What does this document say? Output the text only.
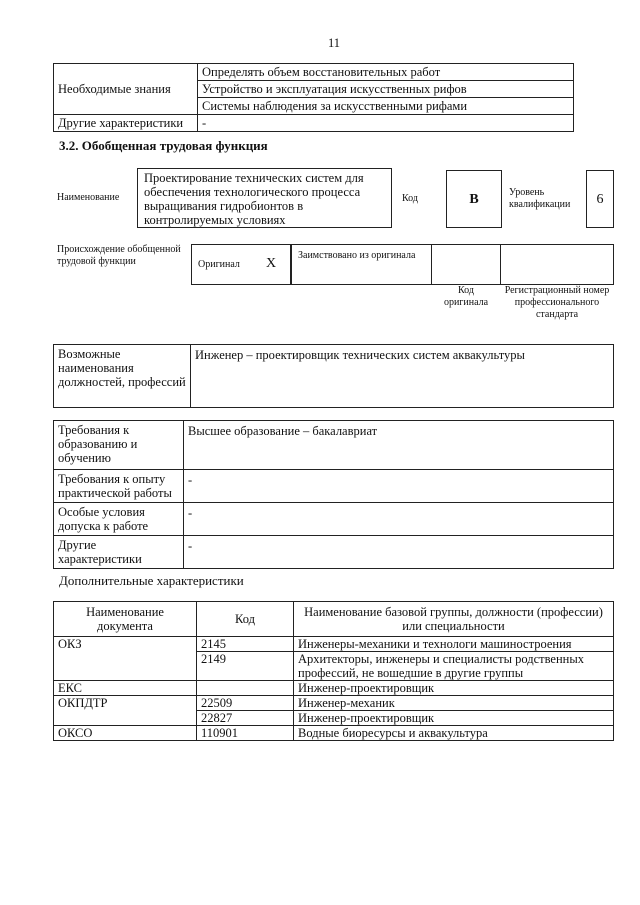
11
	Определять объем восстановительных работ
Необходимые знания	Устройство и эксплуатация искусственных рифов
	Системы наблюдения за искусственными рифами
Другие характеристики	-
3.2. Обобщенная трудовая функция
Наименование
Проектирование технических систем для обеспечения технологического процесса выращивания гидробионтов в контролируемых условиях
Код	B	Уровень квалификации	6
Происхождение обобщенной трудовой функции	Оригинал X
Заимствовано из оригинала
Код оригинала
Регистрационный номер профессионального стандарта
Возможные наименования должностей, профессий	Инженер – проектировщик технических систем аквакультуры
Требования к образованию и обучению	Высшее образование – бакалавриат
Требования к опыту практической работы	-
Особые условия допуска к работе	-
Другие характеристики	-
Дополнительные характеристики
Наименование документа	Код	Наименование базовой группы, должности (профессии) или специальности
ОКЗ	2145	Инженеры-механики и технологи машиностроения
	2149	Архитекторы, инженеры и специалисты родственных профессий, не вошедшие в другие группы
ЕКС		Инженер-проектировщик
ОКПДТР	22509	Инженер-механик
	22827	Инженер-проектировщик
ОКСО	110901	Водные биоресурсы и аквакультура
